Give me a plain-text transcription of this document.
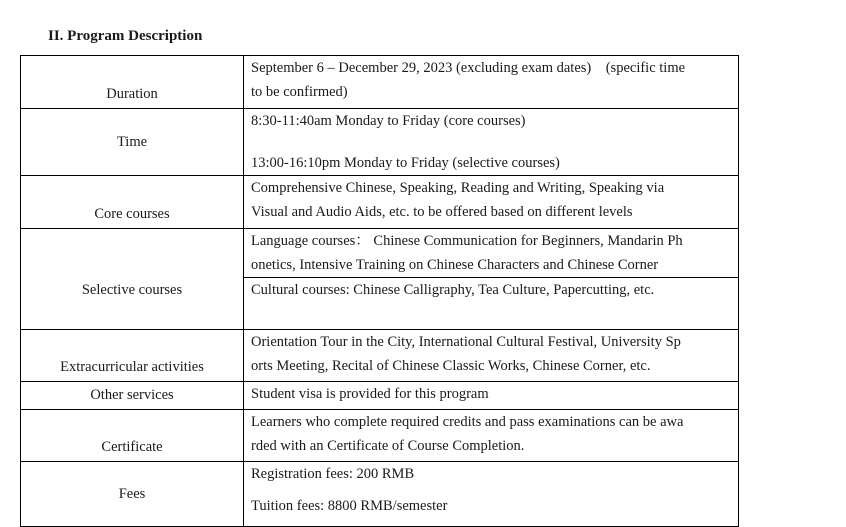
II. Program Description
Duration	September 6 – December 29, 2023 (excluding exam dates)　(specific time
to be confirmed)

Time	8:30-11:40am Monday to Friday (core courses)
13:00-16:10pm Monday to Friday (selective courses)

Core courses	Comprehensive Chinese, Speaking, Reading and Writing, Speaking via
Visual and Audio Aids, etc. to be offered based on different levels

Selective courses	Language courses： Chinese Communication for Beginners, Mandarin Ph
onetics, Intensive Training on Chinese Characters and Chinese Corner
Cultural courses: Chinese Calligraphy, Tea Culture, Papercutting, etc.

Extracurricular activities	Orientation Tour in the City, International Cultural Festival, University Sp
orts Meeting, Recital of Chinese Classic Works, Chinese Corner, etc.

Other services	Student visa is provided for this program

Certificate	Learners who complete required credits and pass examinations can be awa
rded with an Certificate of Course Completion.

Fees	Registration fees: 200 RMB
Tuition fees: 8800 RMB/semester
